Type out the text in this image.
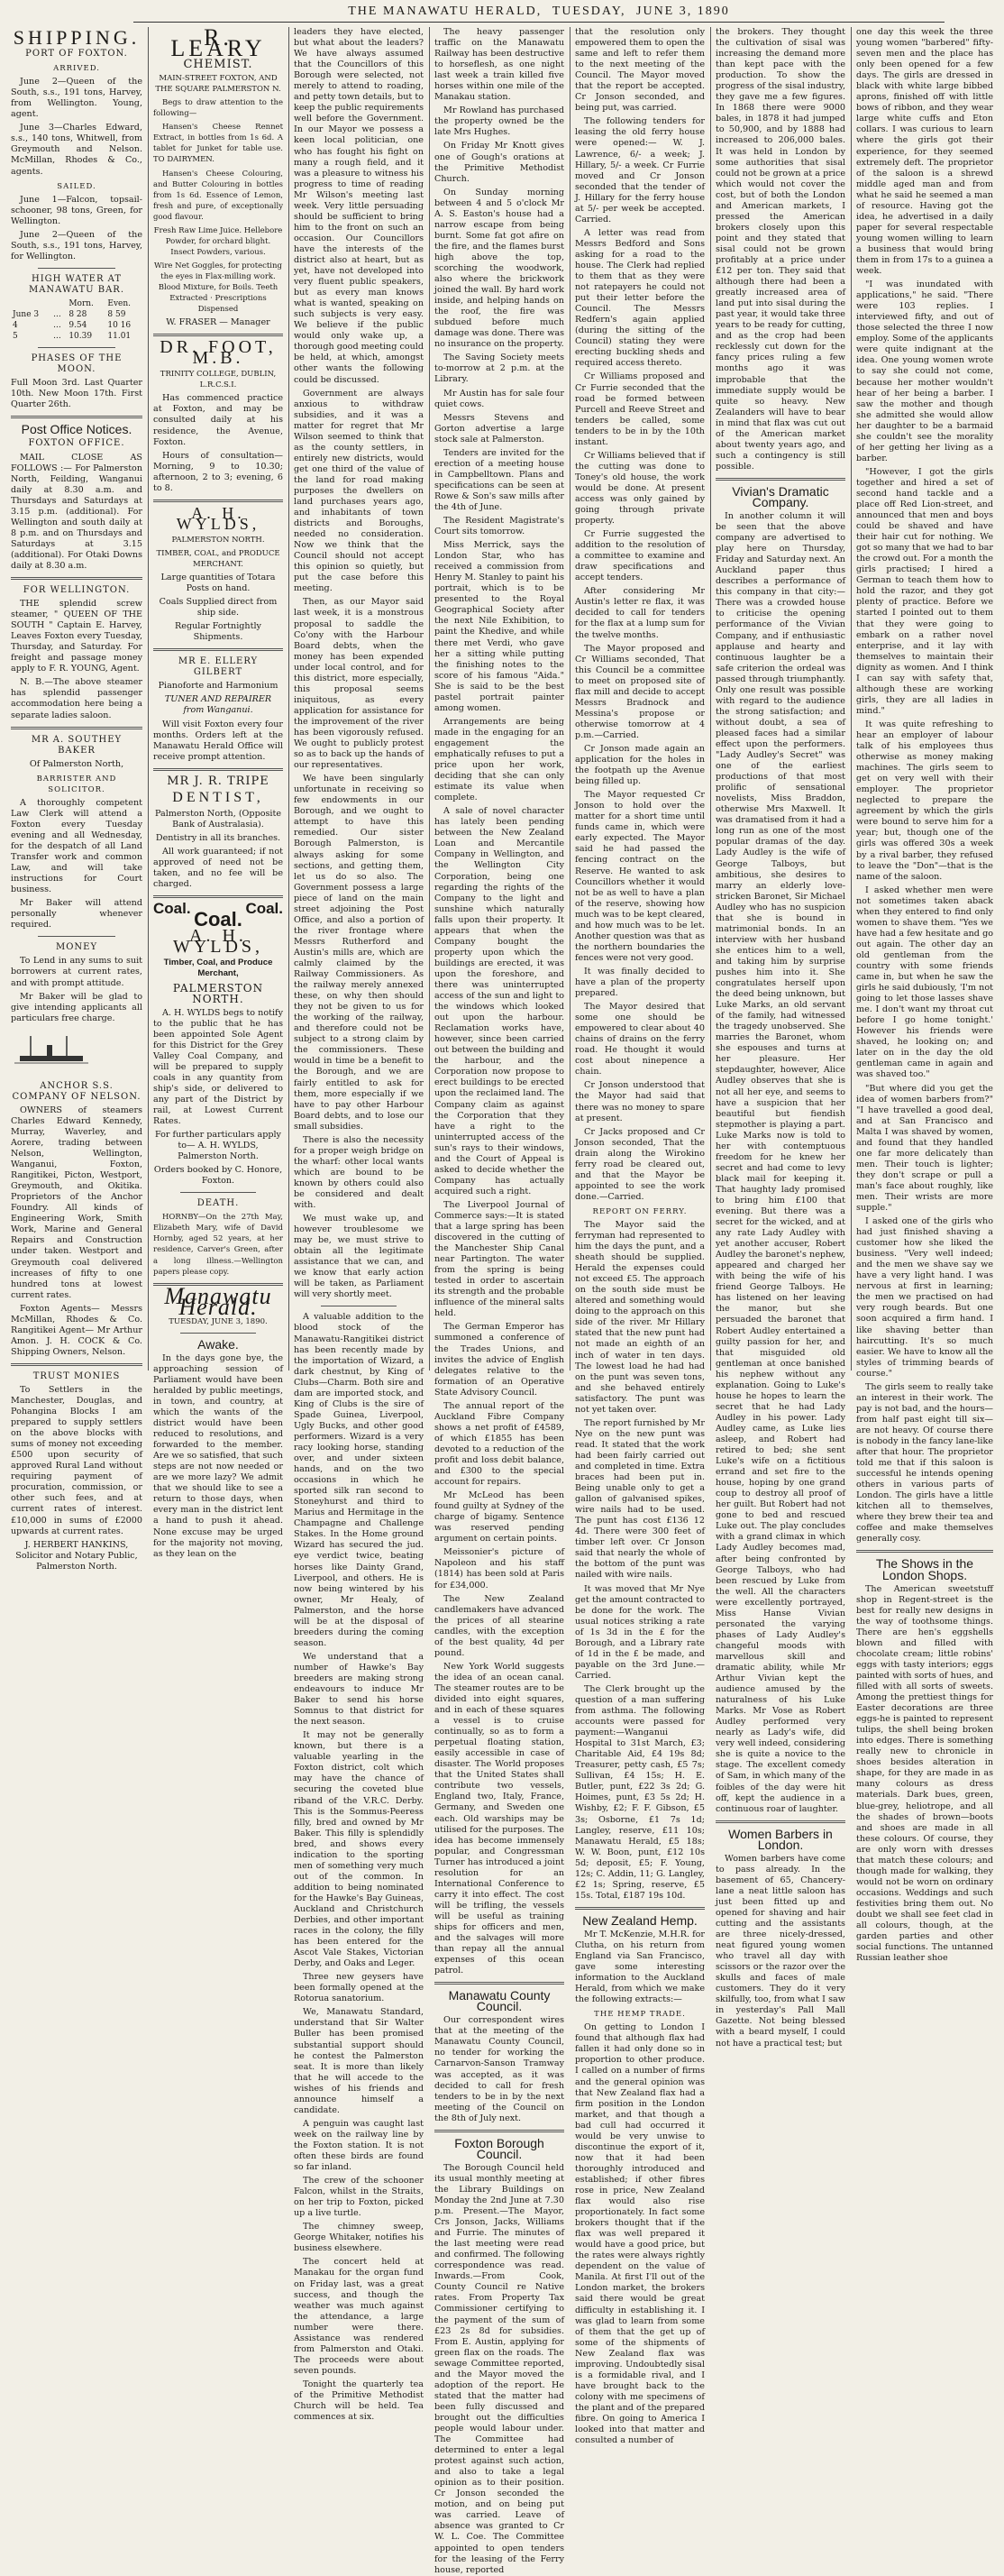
THE MANAWATU HERALD, TUESDAY, JUNE 3, 1890
SHIPPING.
PORT OF FOXTON.
ARRIVED.

June 2—Queen of the South, s.s., 191 tons, Harvey, from Wellington. Young, agent.

June 3—Charles Edward, s.s., 140 tons, Whitwell, from Greymouth and Nelson. McMillan, Rhodes & Co., agents.

SAILED.

June 1—Falcon, topsail-schooner, 98 tons, Green, for Wellington.

June 2—Queen of the South, s.s., 191 tons, Harvey, for Wellington.

HIGH WATER AT MANAWATU BAR.
		Morn.	Even.
June 3	...	8 28	8 59
4	...	9.54	10 16
5	...	10.39	11.01
PHASES OF THE MOON.

Full Moon 3rd. Last Quarter 10th. New Moon 17th. First Quarter 26th.

Post Office Notices.
FOXTON OFFICE.

MAIL CLOSE AS FOLLOWS :— For Palmerston North, Feilding, Wanganui daily at 8.30 a.m. and Thursdays and Saturdays at 3.15 p.m. (additional). For Wellington and south daily at 8 p.m. and on Thursdays and Saturdays at 3.15 (additional). For Otaki Downs daily at 8.30 a.m.

FOR WELLINGTON.

THE splendid screw steamer, " QUEEN OF THE SOUTH " Captain E. Harvey, Leaves Foxton every Tuesday, Thursday, and Saturday. For freight and passage money apply to F. R. YOUNG, Agent.

N. B.—The above steamer has splendid passenger accommodation here being a separate ladies saloon.

MR A. SOUTHEY BAKER

Of Palmerston North,

BARRISTER AND SOLICITOR.

A thoroughly competent Law Clerk will attend a Foxton every Tuesday evening and all Wednesday, for the despatch of all Land Transfer work and common Law, and will take instructions for Court business.

Mr Baker will attend personally whenever required.

MONEY

To Lend in any sums to suit borrowers at current rates, and with prompt attitude.

Mr Baker will be glad to give intending applicants all particulars free charge.

ANCHOR S.S. COMPANY OF NELSON.

OWNERS of steamers Charles Edward Kennedy, Murray, Waverley, and Aorere, trading between Nelson, Wellington, Wanganui, Foxton, Rangitikei, Picton, Westport, Greymouth, and Okitika. Proprietors of the Anchor Foundry. All kinds of Engineering Work, Smith Work, Marine and General Repairs and Construction under taken. Westport and Greymouth coal delivered increases of fifty to one hundred tons at lowest current rates.

Foxton Agents— Messrs McMillan, Rhodes & Co. Rangitikei Agent— Mr Arthur Amon. J. H. COCK & Co. Shipping Owners, Nelson.

TRUST MONIES

To Settlers in the Manchester, Douglas, and Pohangina Blocks I am prepared to supply settlers on the above blocks with sums of money not exceeding £500 upon security of approved Rural Land without requiring payment of procuration, commission, or other such fees, and at current rates of interest. £10,000 in sums of £2000 upwards at current rates.

J. HERBERT HANKINS, Solicitor and Notary Public, Palmerston North.

R. LEARY
CHEMIST.

MAIN-STREET FOXTON, AND THE SQUARE PALMERSTON N.

Begs to draw attention to the following—

Hansen's Cheese Rennet Extract, in bottles from 1s 6d. A tablet for Junket for table use. TO DAIRYMEN.

Hansen's Cheese Colouring, and Butter Colouring in bottles from 1s 6d. Essence of Lemon, fresh and pure, of exceptionally good flavour.

Fresh Raw Lime Juice. Hellebore Powder, for orchard blight. Insect Powders, various.

Wire Net Goggles, for protecting the eyes in Flax-milling work. Blood Mixture, for Boils. Teeth Extracted · Prescriptions Dispensed

W. FRASER — Manager

DR. FOOT, M.B.

TRINITY COLLEGE, DUBLIN, L.R.C.S.I.

Has commenced practice at Foxton, and may be consulted daily at his residence, the Avenue, Foxton.

Hours of consultation—Morning, 9 to 10.30; afternoon, 2 to 3; evening, 6 to 8.

A. H. WYLDS,

PALMERSTON NORTH.

TIMBER, COAL, and PRODUCE MERCHANT.

Large quantities of Totara Posts on hand.

Coals Supplied direct from ship side.

Regular Fortnightly Shipments.

MR E. ELLERY GILBERT

Pianoforte and Harmonium

TUNER AND REPAIRER from Wanganui.

Will visit Foxton every four months. Orders left at the Manawatu Herald Office will receive prompt attention.

MR J. R. TRIPE
DENTIST,

Palmerston North, (Opposite Bank of Australasia).

Dentistry in all its branches.

All work guaranteed; if not approved of need not be taken, and no fee will be charged.

Coal.	Coal.
Coal.
A. H. WYLDS,

Timber, Coal, and Produce Merchant,

PALMERSTON NORTH.

A. H. WYLDS begs to notify to the public that he has been appointed Sole Agent for this District for the Grey Valley Coal Company, and will be prepared to supply coals in any quantity from ship's side, or delivered to any part of the District by rail, at Lowest Current Rates.

For further particulars apply to— A. H. WYLDS, Palmerston North.

Orders booked by C. Honore, Foxton.

DEATH.

HORNBY—On the 27th May, Elizabeth Mary, wife of David Hornby, aged 52 years, at her residence, Carver's Green, after a long illness.—Wellington papers please copy.

Manawatu Herald.

TUESDAY, JUNE 3, 1890.

Awake.

In the days gone bye, the approaching session of Parliament would have been heralded by public meetings, in town, and country, at which the wants of the district would have been reduced to resolutions, and forwarded to the member. Are we so satisfied, that such steps are not now needed or are we more lazy? We admit that we should like to see a return to those days, when every man in the district lent a hand to push it ahead. None excuse may be urged for the majority not moving, as they lean on the

leaders they have elected, but what about the leaders? We have always assumed that the Councillors of this Borough were selected, not merely to attend to roading, and petty town details, but to keep the public requirements well before the Government. In our Mayor we possess a keen local politician, one who has fought his fight on many a rough field, and it was a pleasure to witness his progress to time of reading Mr Wilson's meeting last week. Very little persuading should be sufficient to bring him to the front on such an occasion. Our Councillors have the interests of the district also at heart, but as yet, have not developed into very fluent public speakers, but as every man knows what is wanted, speaking on such subjects is very easy. We believe if the public would only wake up, a thorough good meeting could be held, at which, amongst other wants the following could be discussed.

Government are always anxious to withdraw subsidies, and it was a matter for regret that Mr Wilson seemed to think that as the county settlers, in entirely new districts, would get one third of the value of the land for road making purposes the dwellers on land purchases years ago, and inhabitants of town districts and Boroughs, needed no consideration. Now we think that the Council should not accept this opinion so quietly, but put the case before this meeting.

Then, as our Mayor said last week, it is a monstrous proposal to saddle the Co'ony with the Harbour Board debts, when the money has been expended under local control, and for this district, more especially, this proposal seems iniquitous, as every application for assistance for the improvement of the river has been vigorously refused. We ought to publicly protest so as to back up the hands of our representatives.

We have been singularly unfortunate in receiving so few endowments in our Borough, and we ought to attempt to have this remedied. Our sister Borough Palmerston, is always asking for some sections, and getting them, let us do so also. The Government possess a large piece of land on the main street adjoining the Post Office, and also a portion of the river frontage where Messrs Rutherford and Austin's mills are, which are calmly claimed by the Railway Commissioners. As the railway merely annexed these, on why then should they not be given to us for the working of the railway, and therefore could not be subject to a strong claim by the commissioners. These would in time be a benefit to the Borough, and we are fairly entitled to ask for them, more especially if we have to pay other Harbour Board debts, and to lose our small subsidies.

There is also the necessity for a proper weigh bridge on the wharf: other local wants which are bound to be known by others could also be considered and dealt with.

We must wake up, and however troublesome we may be, we must strive to obtain all the legitimate assistance that we can, and we know that early action will be taken, as Parliament will very shortly meet.

A valuable addition to the blood stock of the Manawatu-Rangitikei district has been recently made by the importation of Wizard, a dark chestnut, by King of Clubs—Charm. Both sire and dam are imported stock, and King of Clubs is the sire of Spade Guinea, Liverpool, Ugly Bucks, and other good performers. Wizard is a very racy looking horse, standing over, and under sixteen hands, and on the two occasions in which he sported silk ran second to Stoneyhurst and third to Marius and Hermitage in the Champagne and Challenge Stakes. In the Home ground Wizard has secured the jud. eye verdict twice, beating horses like Dainty Grand, Liverpool, and others. He is now being wintered by his owner, Mr Healy, of Palmerston, and the horse will be at the disposal of breeders during the coming season.

We understand that a number of Hawke's Bay breeders are making strong endeavours to induce Mr Baker to send his horse Somnus to that district for the next season.

It may not be generally known, but there is a valuable yearling in the Foxton district, colt which may have the chance of securing the coveted blue riband of the V.R.C. Derby. This is the Sommus-Peeress filly, bred and owned by Mr Baker. This filly is splendidly bred, and shows every indication to the sporting men of something very much out of the common. In addition to being nominated for the Hawke's Bay Guineas, Auckland and Christchurch Derbies, and other important races in the colony, the filly has been entered for the Ascot Vale Stakes, Victorian Derby, and Oaks and Leger.

Three new geysers have been formally opened at the Rotorua sanatorium.

We, Manawatu Standard, understand that Sir Walter Buller has been promised substantial support should he contest the Palmerston seat. It is more than likely that he will accede to the wishes of his friends and announce himself a candidate.

A penguin was caught last week on the railway line by the Foxton station. It is not often these birds are found so far inland.

The crew of the schooner Falcon, whilst in the Straits, on her trip to Foxton, picked up a live turtle.

The chimney sweep, George Whitaker, notifies his business elsewhere.

The concert held at Manakau for the organ fund on Friday last, was a great success, and though the weather was much against the attendance, a large number were there. Assistance was rendered from Palmerston and Otaki. The proceeds were about seven pounds.

Tonight the quarterly tea of the Primitive Methodist Church will be held. Tea commences at six.

The heavy passenger traffic on the Manawatu Railway has been destructive to horseflesh, as one night last week a train killed five horses within one mile of the Manakau station.

Mr Rowland has purchased the property owned be the late Mrs Hughes.

On Friday Mr Knott gives one of Gough's orations at the Primitive Methodist Church.

On Sunday morning between 4 and 5 o'clock Mr A. S. Easton's house had a narrow escape from being burnt. Some fat got afire on the fire, and the flames burst high above the top, scorching the woodwork, also where the brickwork joined the wall. By hard work inside, and helping hands on the roof, the fire was subdued before much damage was done. There was no insurance on the property.

The Saving Society meets to-morrow at 2 p.m. at the Library.

Mr Austin has for sale four quiet cows.

Messrs Stevens and Gorton advertise a large stock sale at Palmerston.

Tenders are invited for the erection of a meeting house in Campbelltown. Plans and specifications can be seen at Rowe & Son's saw mills after the 4th of June.

The Resident Magistrate's Court sits tomorrow.

Miss Merrick, says the London Star, who has received a commission from Henry M. Stanley to paint his portrait, which is to be presented to the Royal Geographical Society after the next Nile Exhibition, to paint the Khedive, and while there met Verdi, who gave her a sitting while putting the finishing notes to the score of his famous "Aida." She is said to be the best pastel portrait painter among women.

Arrangements are being made in the engaging for an engagement the emphatically refuses to put a price upon her work, deciding that she can only estimate its value when complete.

A sale of novel character has lately been pending between the New Zealand Loan and Mercantile Company in Wellington, and the Wellington City Corporation, being one regarding the rights of the Company to the light and sunshine which naturally falls upon their property. It appears that when the Company bought the property upon which the buildings are erected, it was upon the foreshore, and there was uninterrupted access of the sun and light to the windows which looked out upon the harbour. Reclamation works have, however, since been carried out between the building and the harbour, and the Corporation now propose to erect buildings to be erected upon the reclaimed land. The Company claim as against the Corporation that they have a right to the uninterrupted access of the sun's rays to their windows, and the Court of Appeal is asked to decide whether the Company has actually acquired such a right.

The Liverpool Journal of Commerce says:—It is stated that a large spring has been discovered in the cutting of the Manchester Ship Canal near Partington. The water from the spring is being tested in order to ascertain its strength and the probable influence of the mineral salts held.

The German Emperor has summoned a conference of the Trades Unions, and invites the advice of English delegates relative to the formation of an Operative State Advisory Council.

The annual report of the Auckland Fibre Company shows a net profit of £4589, of which £1855 has been devoted to a reduction of the profit and loss debit balance, and £300 to the special account for repairs.

Mr McLeod has been found guilty at Sydney of the charge of bigamy. Sentence was reserved pending argument on certain points.

Meissonier's picture of Napoleon and his staff (1814) has been sold at Paris for £34,000.

The New Zealand candlemakers have advanced the prices of all stearine candles, with the exception of the best quality, 4d per pound.

New York World suggests the idea of an ocean canal. The steamer routes are to be divided into eight squares, and in each of these squares a vessel is to cruise continually, so as to form a perpetual floating station, easily accessible in case of disaster. The World proposes that the United States shall contribute two vessels, England two, Italy, France, Germany, and Sweden one each. Old warships may be utilised for the purposes. The idea has become immensely popular, and Congressman Turner has introduced a joint resolution for an International Conference to carry it into effect. The cost will be trifling, the vessels will be useful as training ships for officers and men, and the salvages will more than repay all the annual expenses of this ocean patrol.

Manawatu County Council.

Our correspondent wires that at the meeting of the Manawatu County Council, no tender for working the Carnarvon-Sanson Tramway was accepted, as it was decided to call for fresh tenders to be in by the next meeting of the Council on the 8th of July next.

Foxton Borough Council.

The Borough Council held its usual monthly meeting at the Library Buildings on Monday the 2nd June at 7.30 p.m. Present.—The Mayor, Crs Jonson, Jacks, Williams and Furrie. The minutes of the last meeting were read and confirmed. The following correspondence was read. Inwards.—From Cook, County Council re Native rates. From Property Tax Commissioner certifying to the payment of the sum of £23 2s 8d for subsidies. From E. Austin, applying for green flax on the roads. The sewage Committee reported, and the Mayor moved the adoption of the report. He stated that the matter had been fully discussed and brought out the difficulties people would labour under. The Committee had determined to enter a legal protest against such action, and also to take a legal opinion as to their position. Cr Jonson seconded the motion, and on being put was carried. Leave of absence was granted to Cr W. L. Coe. The Committee appointed to open tenders for the leasing of the Ferry house, reported

that the resolution only empowered them to open the same and left to refer them to the next meeting of the Council. The Mayor moved that the report be accepted. Cr Jonson seconded, and being put, was carried.

The following tenders for leasing the old ferry house were opened:— W. J. Lawrence, 6/- a week; J. Hillary, 5/- a week. Cr Furrie moved and Cr Jonson seconded that the tender of J. Hillary for the ferry house at 5/- per week be accepted. Carried.

A letter was read from Messrs Bedford and Sons asking for a road to the house. The Clerk had replied to them that as they were not ratepayers he could not put their letter before the Council. The Messrs Redfern's again applied (during the sitting of the Council) stating they were erecting buckling sheds and required access thereto.

Cr Williams proposed and Cr Furrie seconded that the road be formed between Purcell and Reeve Street and tenders be called, some tenders to be in by the 10th instant.

Cr Williams believed that if the cutting was done to Toney's old house, the work would be done. At present access was only gained by going through private property.

Cr Furrie suggested the addition to the resolution of a committee to examine and draw specifications and accept tenders.

After considering Mr Austin's letter re flax, it was decided to call for tenders for the flax at a lump sum for the twelve months.

The Mayor proposed and Cr Williams seconded, That this Council be a committee to meet on proposed site of flax mill and decide to accept Messrs Bradnock and Messina's propose or otherwise tomorrow at 4 p.m.—Carried.

Cr Jonson made again an application for the holes in the footpath up the Avenue being filled up.

The Mayor requested Cr Jonson to hold over the matter for a short time until funds came in, which were early expected. The Mayor said he had passed the fencing contract on the Reserve. He wanted to ask Councillors whether it would not be as well to have a plan of the reserve, showing how much was to be kept cleared, and how much was to be let. Another question was that as the northern boundaries the fences were not very good.

It was finally decided to have a plan of the property prepared.

The Mayor desired that some one should be empowered to clear about 40 chains of drains on the ferry road. He thought it would cost about ninepence a chain.

Cr Jonson understood that the Mayor had said that there was no money to spare at present.

Cr Jacks proposed and Cr Jonson seconded, That the drain along the Wirokino ferry road be cleared out, and that the Mayor be appointed to see the work done.—Carried.

REPORT ON FERRY.

The Mayor said the ferryman had represented to him the days the punt, and a sheath should be supplied. Herald the expenses could not exceed £5. The approach on the south side must be altered and something would doing to the approach on this side of the river. Mr Hillary stated that the new punt had not made an eighth of an inch of water in ten days. The lowest load he had had on the punt was seven tons, and she behaved entirely satisfactory. The punt was not yet taken over.

The report furnished by Mr Nye on the new punt was read. It stated that the work had been fairly carried out and completed in time. Extra braces had been put in. Being unable only to get a gallon of galvanised spikes, wire nails had to be used. The punt has cost £136 12 4d. There were 300 feet of timber left over. Cr Jonson said that nearly the whole of the bottom of the punt was nailed with wire nails.

It was moved that Mr Nye get the amount contracted to be done for the work. The usual notices striking a rate of 1s 3d in the £ for the Borough, and a Library rate of 1d in the £ be made, and payable on the 3rd June.—Carried.

The Clerk brought up the question of a man suffering from asthma. The following accounts were passed for payment:—Wanganui Hospital to 31st March, £3; Charitable Aid, £4 19s 8d; Treasurer, petty cash, £5 7s; Sullivan, £4 15s; H. E. Butler, punt, £22 3s 2d; G. Hoimes, punt, £3 5s 2d; H. Wishby, £2; F. F. Gibson, £5 3s; Osborne, £1 7s 1d; Langley, reserve, £11 10s; Manawatu Herald, £5 18s; W. W. Boon, punt, £12 10s 5d; deposit, £5; F. Young, 12s; C. Addin, 11; G. Langley, £2 1s; Spring, reserve, £5 15s. Total, £187 19s 10d.

New Zealand Hemp.

Mr T. McKenzie, M.H.R. for Clutha, on his return from England via San Francisco, gave some interesting information to the Auckland Herald, from which we make the following extracts:—

THE HEMP TRADE.

On getting to London I found that although flax had fallen it had only done so in proportion to other produce. I called on a number of firms and the general opinion was that New Zealand flax had a firm position in the London market, and that though a bad cull had occurred it would be very unwise to discontinue the export of it, now that it had been thoroughly introduced and established; if other fibres rose in price, New Zealand flax would also rise proportionately. In fact some brokers thought that if the flax was well prepared it would have a good price, but the rates were always rightly dependent on the value of Manila. At first I'll out of the London market, the brokers said there would be great difficulty in establishing it. I was glad to learn from some of them that the get up of some of the shipments of New Zealand flax was improving. Undoubtedly sisal is a formidable rival, and I have brought back to the colony with me specimens of the plant and of the prepared fibre. On going to America I looked into that matter and consulted a number of

the brokers. They thought the cultivation of sisal was increasing the demand more than kept pace with the production. To show the progress of the sisal industry, they gave me a few figures. In 1868 there were 9000 bales, in 1878 it had jumped to 50,900, and by 1888 had increased to 206,000 bales. It was held in London by some authorities that sisal could not be grown at a price which would not cover the cost, but of both the London and American markets, I pressed the American brokers closely upon this point and they stated that sisal could not be grown profitably at a price under £12 per ton. They said that although there had been a greatly increased area of land put into sisal during the past year, it would take three years to be ready for cutting, and as the crop had been recklessly cut down for the fancy prices ruling a few months ago it was improbable that the immediate supply would be quite so heavy. New Zealanders will have to bear in mind that flax was cut out of the American market about twenty years ago, and such a contingency is still possible.

Vivian's Dramatic Company.

In another column it will be seen that the above company are advertised to play here on Thursday, Friday and Saturday next. An Auckland paper thus describes a performance of this company in that city:—There was a crowded house to criticise the opening performance of the Vivian Company, and if enthusiastic applause and hearty and continuous laughter be a safe criterion the ordeal was passed through triumphantly. Only one result was possible with regard to the audience the strong satisfaction; and without doubt, a sea of pleased faces had a similar effect upon the performers. "Lady Audley's Secret" was one of the earliest productions of that most prolific of sensational novelists, Miss Braddon, otherwise Mrs Maxwell. It was dramatised from it had a long run as one of the most popular dramas of the day. Lady Audley is the wife of George Talboys, but ambitious, she desires to marry an elderly love-stricken Baronet, Sir Michael Audley who has no suspicion that she is bound in matrimonial bonds. In an interview with her husband she entices him to a well, and taking him by surprise pushes him into it. She congratulates herself upon the deed being unknown, but Luke Marks, an old servant of the family, had witnessed the tragedy unobserved. She marries the Baronet, whom she espouses and turns at her pleasure. Her stepdaughter, however, Alice Audley observes that she is not all her eye, and seems to have a suspicion that her beautiful but fiendish stepmother is playing a part. Luke Marks now is told to her with contemptuous freedom for he knew her secret and had come to levy black mail for keeping it. That haughty lady promised to bring him £100 that evening. But there was a secret for the wicked, and at any rate Lady Audley with yet another accuser, Robert Audley the baronet's nephew, appeared and charged her with being the wife of his friend George Talboys. He has listened on her leaving the manor, but she persuaded the baronet that Robert Audley entertained a guilty passion for her, and that misguided old gentleman at once banished his nephew without any explanation. Going to Luke's house he hopes to learn the secret that he had Lady Audley in his power. Lady Audley came, as Luke lies asleep, and Robert had retired to bed; she sent Luke's wife on a fictitious errand and set fire to the house, hoping by one grand coup to destroy all proof of her guilt. But Robert had not gone to bed and rescued Luke out. The play concludes with a grand climax in which Lady Audley becomes mad, after being confronted by George Talboys, who had been rescued by Luke from the well. All the characters were excellently portrayed, Miss Hanse Vivian personated the varying phases of Lady Audley's changeful moods with marvellous skill and dramatic ability, while Mr Arthur Vivian kept the audience amused by the naturalness of his Luke Marks. Mr Vose as Robert Audley performed very nearly as Lady's wife, did very well indeed, considering she is quite a novice to the stage. The excellent comedy of Sam, in which many of the foibles of the day were hit off, kept the audience in a continuous roar of laughter.

Women Barbers in London.

Women barbers have come to pass already. In the basement of 65, Chancery-lane a neat little saloon has just been fitted up and opened for shaving and hair cutting and the assistants are three nicely-dressed, neat figured young women who travel all day with scissors or the razor over the skulls and faces of male customers. They do it very skilfully, too, from what I saw in yesterday's Pall Mall Gazette. Not being blessed with a beard myself, I could not have a practical test; but

one day this week the three young women "barbered" fifty-seven men and the place has only been opened for a few days. The girls are dressed in black with white large bibbed aprons, finished off with little bows of ribbon, and they wear large white cuffs and Eton collars. I was curious to learn where the girls got their experience, for they seemed extremely deft. The proprietor of the saloon is a shrewd middle aged man and from what he said he seemed a man of resource. Having got the idea, he advertised in a daily paper for several respectable young women willing to learn a business that would bring them in from 17s to a guinea a week.

"I was inundated with applications," he said. "There were 103 replies. I interviewed fifty, and out of those selected the three I now employ. Some of the applicants were quite indignant at the idea. One young women wrote to say she could not come, because her mother wouldn't hear of her being a barber. I saw the mother and though she admitted she would allow her daughter to be a barmaid she couldn't see the morality of her getting her living as a barber.

"However, I got the girls together and hired a set of second hand tackle and a place off Red Lion-street, and announced that men and boys could be shaved and have their hair cut for nothing. We got so many that we had to bar the crowd out. For a month the girls practised; I hired a German to teach them how to hold the razor, and they got plenty of practice. Before we started I pointed out to them that they were going to embark on a rather novel enterprise, and it lay with themselves to maintain their dignity as women. And I think I can say with safety that, although these are working girls, they are all ladies in mind."

It was quite refreshing to hear an employer of labour talk of his employees thus otherwise as money making machines. The girls seem to get on very well with their employer. The proprietor neglected to prepare the agreement by which the girls were bound to serve him for a year; but, though one of the girls was offered 30s a week by a rival barber, they refused to leave the "Don"—that is the name of the saloon.

I asked whether men were not sometimes taken aback when they entered to find only women to shave them. "Yes we have had a few hesitate and go out again. The other day an old gentleman from the country with some friends came in, but when he saw the girls he said dubiously, 'I'm not going to let those lasses shave me. I don't want my throat cut before I go home tonight.' However his friends were shaved, he looking on; and later on in the day the old gentleman came in again and was shaved too."

"But where did you get the idea of women barbers from?" "I have travelled a good deal, and at San Francisco and Malta I was shaved by women, and found that they handled one far more delicately than men. Their touch is lighter; they don't scrape or pull a man's face about roughly, like men. Their wrists are more supple."

I asked one of the girls who had just finished shaving a customer how she liked the business. "Very well indeed; and the men we shave say we have a very light hand. I was nervous at first in learning; the men we practised on had very rough beards. But one soon acquired a firm hand. I like shaving better than haircutting. It's so much easier. We have to know all the styles of trimming beards of course."

The girls seem to really take an interest in their work. The pay is not bad, and the hours—from half past eight till six—are not heavy. Of course there is nobody in the fancy lane-like after that hour. The proprietor told me that if this saloon is successful he intends opening others in various parts of London. The girls have a little kitchen all to themselves, where they brew their tea and coffee and make themselves generally cosy.

The Shows in the London Shops.

The American sweetstuff shop in Regent-street is the best for really new designs in the way of toothsome things. There are hen's eggshells blown and filled with chocolate cream; little robins' eggs with tasty interiors; eggs painted with sorts of hues, and filled with all sorts of sweets. Among the prettiest things for Easter decorations are three eggs-he is painted to represent tulips, the shell being broken into edges. There is something really new to chronicle in shoes besides alteration in shape, for they are made in as many colours as dress materials. Dark bues, green, blue-grey, heliotrope, and all the shades of brown—boots and shoes are made in all these colours. Of course, they are only worn with dresses that match these colours; and though made for walking, they would not be worn on ordinary occasions. Weddings and such festivities bring them out. No doubt we shall see feet clad in all colours, though, at the garden parties and other social functions. The untanned Russian leather shoe
